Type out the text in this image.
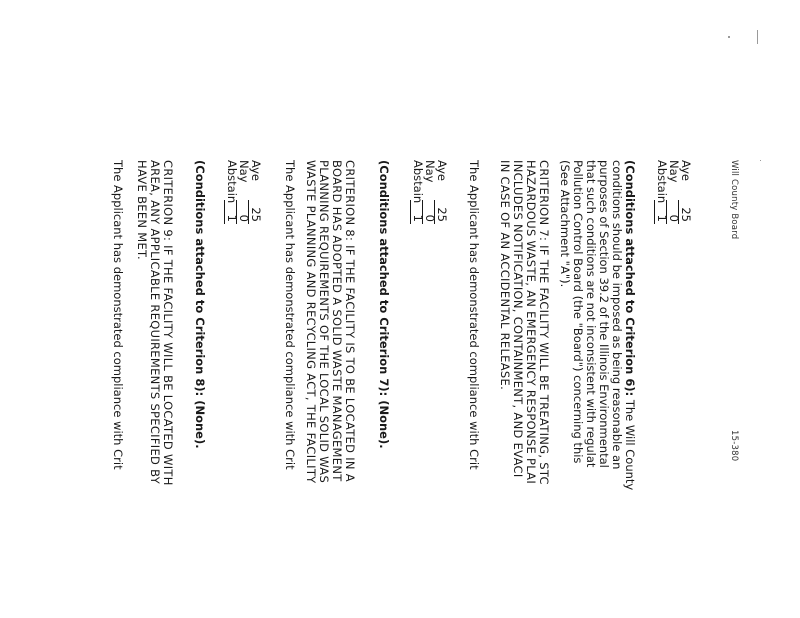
Will County Board
15-380
Aye25
Nay0
Abstain1
(Conditions attached to Criterion 6): The Will County
conditions should be imposed as being reasonable an
purposes of Section 39.2 of the Illinois Environmental
that such conditions are not inconsistent with regulat
Pollution Control Board (the "Board") concerning this
(See Attachment "A").
CRITERION 7: IF THE FACILITY WILL BE TREATING, STC
HAZARDOUS WASTE, AN EMERGENCY RESPONSE PLAI
INCLUDES NOTIFICATION, CONTAINMENT, AND EVACI
IN CASE OF AN ACCIDENTAL RELEASE.
The Applicant has demonstrated compliance with Crit
Aye25
Nay0
Abstain1
(Conditions attached to Criterion 7): (None).
CRITERION 8: IF THE FACILITY IS TO BE LOCATED IN A
BOARD HAS ADOPTED A SOLID WASTE MANAGEMENT
PLANNING REQUIREMENTS OF THE LOCAL SOLID WAS
WASTE PLANNING AND RECYCLING ACT, THE FACILITY
The Applicant has demonstrated compliance with Crit
Aye25
Nay0
Abstain1
(Conditions attached to Criterion 8): (None).
CRITERION 9: IF THE FACILITY WILL BE LOCATED WITH
AREA, ANY APPLICABLE REQUIREMENTS SPECIFIED BY
HAVE BEEN MET.
The Applicant has demonstrated compliance with Crit
